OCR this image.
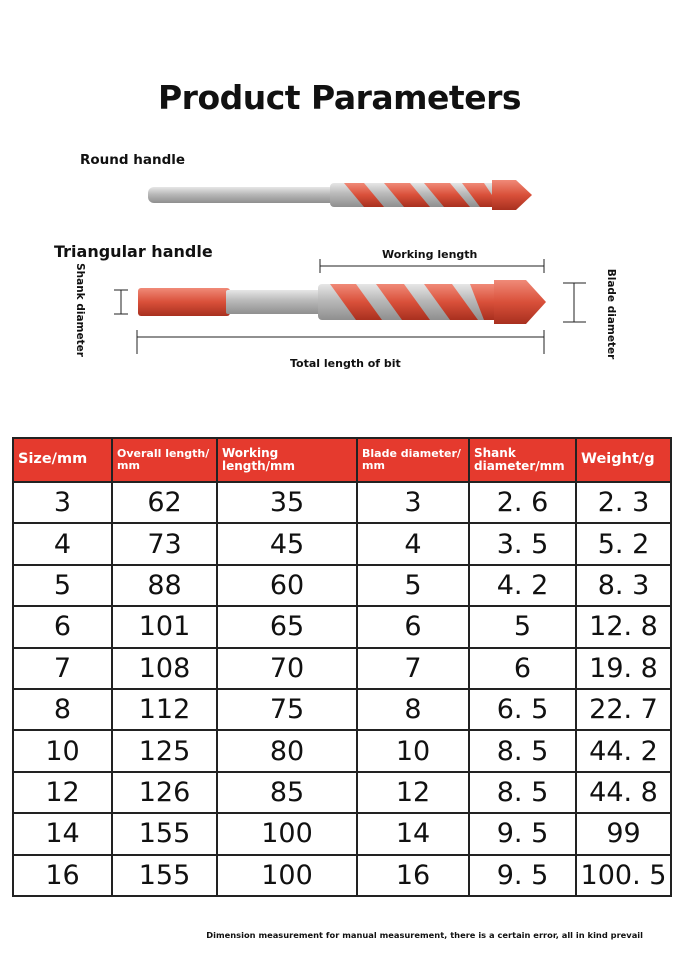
Product Parameters
Round handle
Triangular handle	Working length
Total length of bit
Shank diameter	Blade diameter
Size/mm	Overall length/ mm	Working length/mm	Blade diameter/ mm	Shank diameter/mm	Weight/g
3	62	35	3	2. 6	2. 3
4	73	45	4	3. 5	5. 2
5	88	60	5	4. 2	8. 3
6	101	65	6	5	12. 8
7	108	70	7	6	19. 8
8	112	75	8	6. 5	22. 7
10	125	80	10	8. 5	44. 2
12	126	85	12	8. 5	44. 8
14	155	100	14	9. 5	99
16	155	100	16	9. 5	100. 5
Dimension measurement for manual measurement, there is a certain error, all in kind prevail
